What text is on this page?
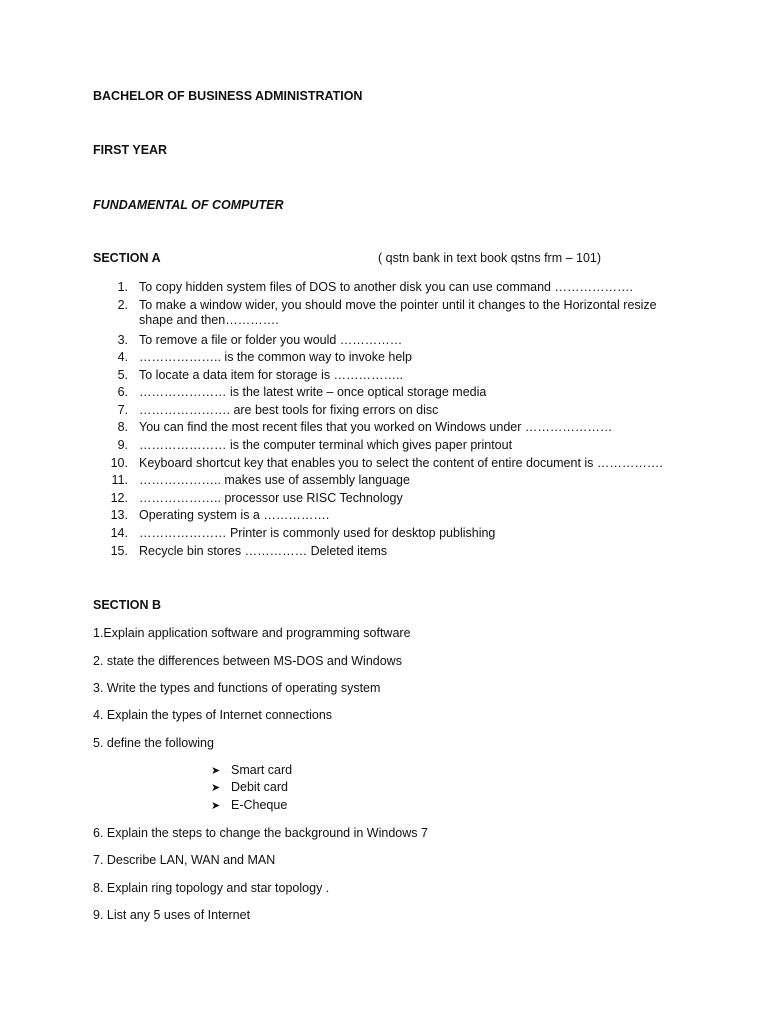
BACHELOR OF BUSINESS ADMINISTRATION
FIRST YEAR
FUNDAMENTAL OF COMPUTER
SECTION A	( qstn bank in text book qstns frm – 101)
1. To copy hidden system files of DOS to another disk you can use command ……………….
2. To make a window wider, you should move the pointer until it changes to the Horizontal resize shape and then………….
3. To remove a file or folder you would ……………
4. ……………….. is the common way to invoke help
5. To locate a data item for storage is ……………..
6. ………………… is the latest write – once optical storage media
7. …………………. are best tools for fixing errors on disc
8. You can find the most recent files that you worked on Windows under …………………
9. ………………… is the computer terminal which gives paper printout
10. Keyboard shortcut key that enables you to select the content of entire document is …………….
11. ……………….. makes use of assembly language
12. ……………….. processor use RISC Technology
13. Operating system is a …………….
14. ………………… Printer is commonly used for desktop publishing
15. Recycle bin stores …………… Deleted items
SECTION B
1.Explain application software and programming software
2. state the differences between MS-DOS and Windows
3. Write the types and functions of operating system
4. Explain the types of Internet connections
5. define the following
➤ Smart card
➤ Debit card
➤ E-Cheque
6. Explain the steps to change the background in Windows 7
7. Describe LAN, WAN and MAN
8. Explain ring topology and star topology .
9. List any 5 uses of Internet
